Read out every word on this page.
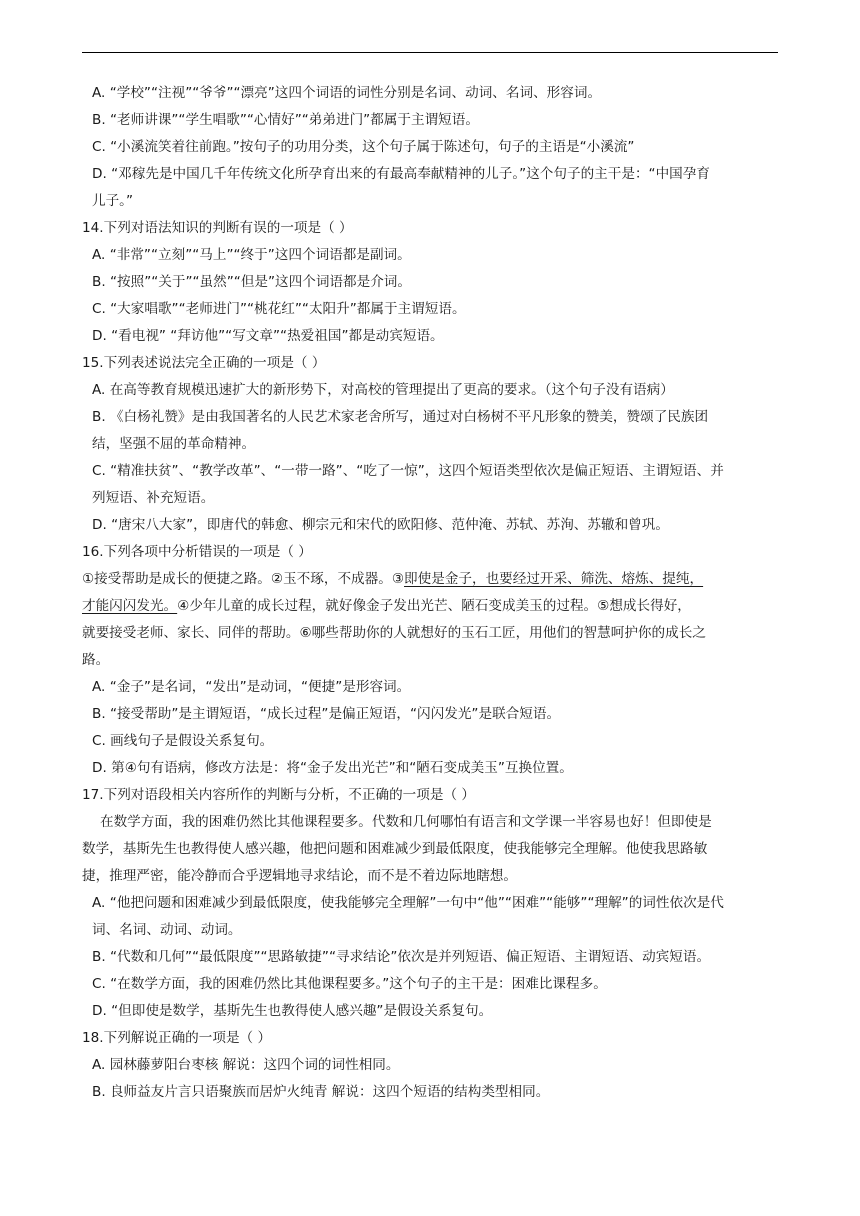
A. “学校”“注视”“爷爷”“漂亮”这四个词语的词性分别是名词、动词、名词、形容词。

B. “老师讲课”“学生唱歌”“心情好”“弟弟进门”都属于主谓短语。

C. “小溪流笑着往前跑。”按句子的功用分类，这个句子属于陈述句，句子的主语是“小溪流”

D. “邓稼先是中国几千年传统文化所孕育出来的有最高奉献精神的儿子。”这个句子的主干是：“中国孕育
儿子。”

14.下列对语法知识的判断有误的一项是（ ）

A. “非常”“立刻”“马上”“终于”这四个词语都是副词。

B. “按照”“关于”“虽然”“但是”这四个词语都是介词。

C. “大家唱歌”“老师进门”“桃花红”“太阳升”都属于主谓短语。

D. “看电视” “拜访他”“写文章”“热爱祖国”都是动宾短语。

15.下列表述说法完全正确的一项是（ ）

A. 在高等教育规模迅速扩大的新形势下，对高校的管理提出了更高的要求。（这个句子没有语病）

B. 《白杨礼赞》是由我国著名的人民艺术家老舍所写，通过对白杨树不平凡形象的赞美，赞颂了民族团
结，坚强不屈的革命精神。

C. “精准扶贫”、“教学改革”、“一带一路”、“吃了一惊”，这四个短语类型依次是偏正短语、主谓短语、并
列短语、补充短语。

D. “唐宋八大家”，即唐代的韩愈、柳宗元和宋代的欧阳修、范仲淹、苏轼、苏洵、苏辙和曾巩。

16.下列各项中分析错误的一项是（ ）

①接受帮助是成长的便捷之路。②玉不琢，不成器。③即使是金子，也要经过开采、筛洗、熔炼、提纯，
才能闪闪发光。④少年儿童的成长过程，就好像金子发出光芒、陋石变成美玉的过程。⑤想成长得好，
就要接受老师、家长、同伴的帮助。⑥哪些帮助你的人就想好的玉石工匠，用他们的智慧呵护你的成长之
路。

A. “金子”是名词，“发出”是动词，“便捷”是形容词。

B. “接受帮助”是主谓短语，“成长过程”是偏正短语，“闪闪发光”是联合短语。

C. 画线句子是假设关系复句。

D. 第④句有语病，修改方法是：将“金子发出光芒”和“陋石变成美玉”互换位置。

17.下列对语段相关内容所作的判断与分析，不正确的一项是（ ）

在数学方面，我的困难仍然比其他课程要多。代数和几何哪怕有语言和文学课一半容易也好！但即使是
数学，基斯先生也教得使人感兴趣，他把问题和困难减少到最低限度，使我能够完全理解。他使我思路敏
捷，推理严密，能冷静而合乎逻辑地寻求结论，而不是不着边际地瞎想。

A. “他把问题和困难减少到最低限度，使我能够完全理解”一句中“他”“困难”“能够”“理解”的词性依次是代
词、名词、动词、动词。

B. “代数和几何”“最低限度”“思路敏捷”“寻求结论”依次是并列短语、偏正短语、主谓短语、动宾短语。

C. “在数学方面，我的困难仍然比其他课程要多。”这个句子的主干是：困难比课程多。

D. “但即使是数学，基斯先生也教得使人感兴趣”是假设关系复句。

18.下列解说正确的一项是（ ）

A. 园林藤萝阳台枣核 解说：这四个词的词性相同。

B. 良师益友片言只语聚族而居炉火纯青 解说：这四个短语的结构类型相同。
